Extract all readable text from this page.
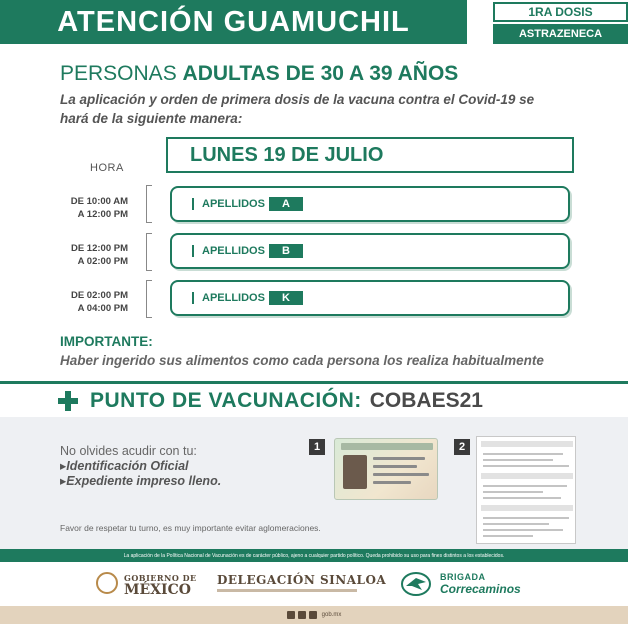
ATENCIÓN GUAMUCHIL	1RA DOSIS
ASTRAZENECA
PERSONAS ADULTAS DE 30 A 39 AÑOS
La aplicación y orden de primera dosis de la vacuna contra el Covid-19 se hará de la siguiente manera:
HORA
LUNES 19 DE JULIO
DE 10:00 AM
A 12:00 PM
APELLIDOS	A
DE 12:00 PM
A 02:00 PM
APELLIDOS	B
DE 02:00 PM
A 04:00 PM
APELLIDOS	K
IMPORTANTE:
Haber ingerido sus alimentos como cada persona los realiza habitualmente
PUNTO DE VACUNACIÓN: COBAES21
No olvides acudir con tu:
▸Identificación Oficial
▸Expediente impreso lleno.
Favor de respetar tu turno, es muy importante evitar aglomeraciones.
1	2
La aplicación de la Política Nacional de Vacunación es de carácter público, ajeno a cualquier partido político. Queda prohibido su uso para fines distintos a los establecidos.
GOBIERNO DE
MÉXICO
DELEGACIÓN SINALOA	BRIGADA
Correcaminos
gob.mx
